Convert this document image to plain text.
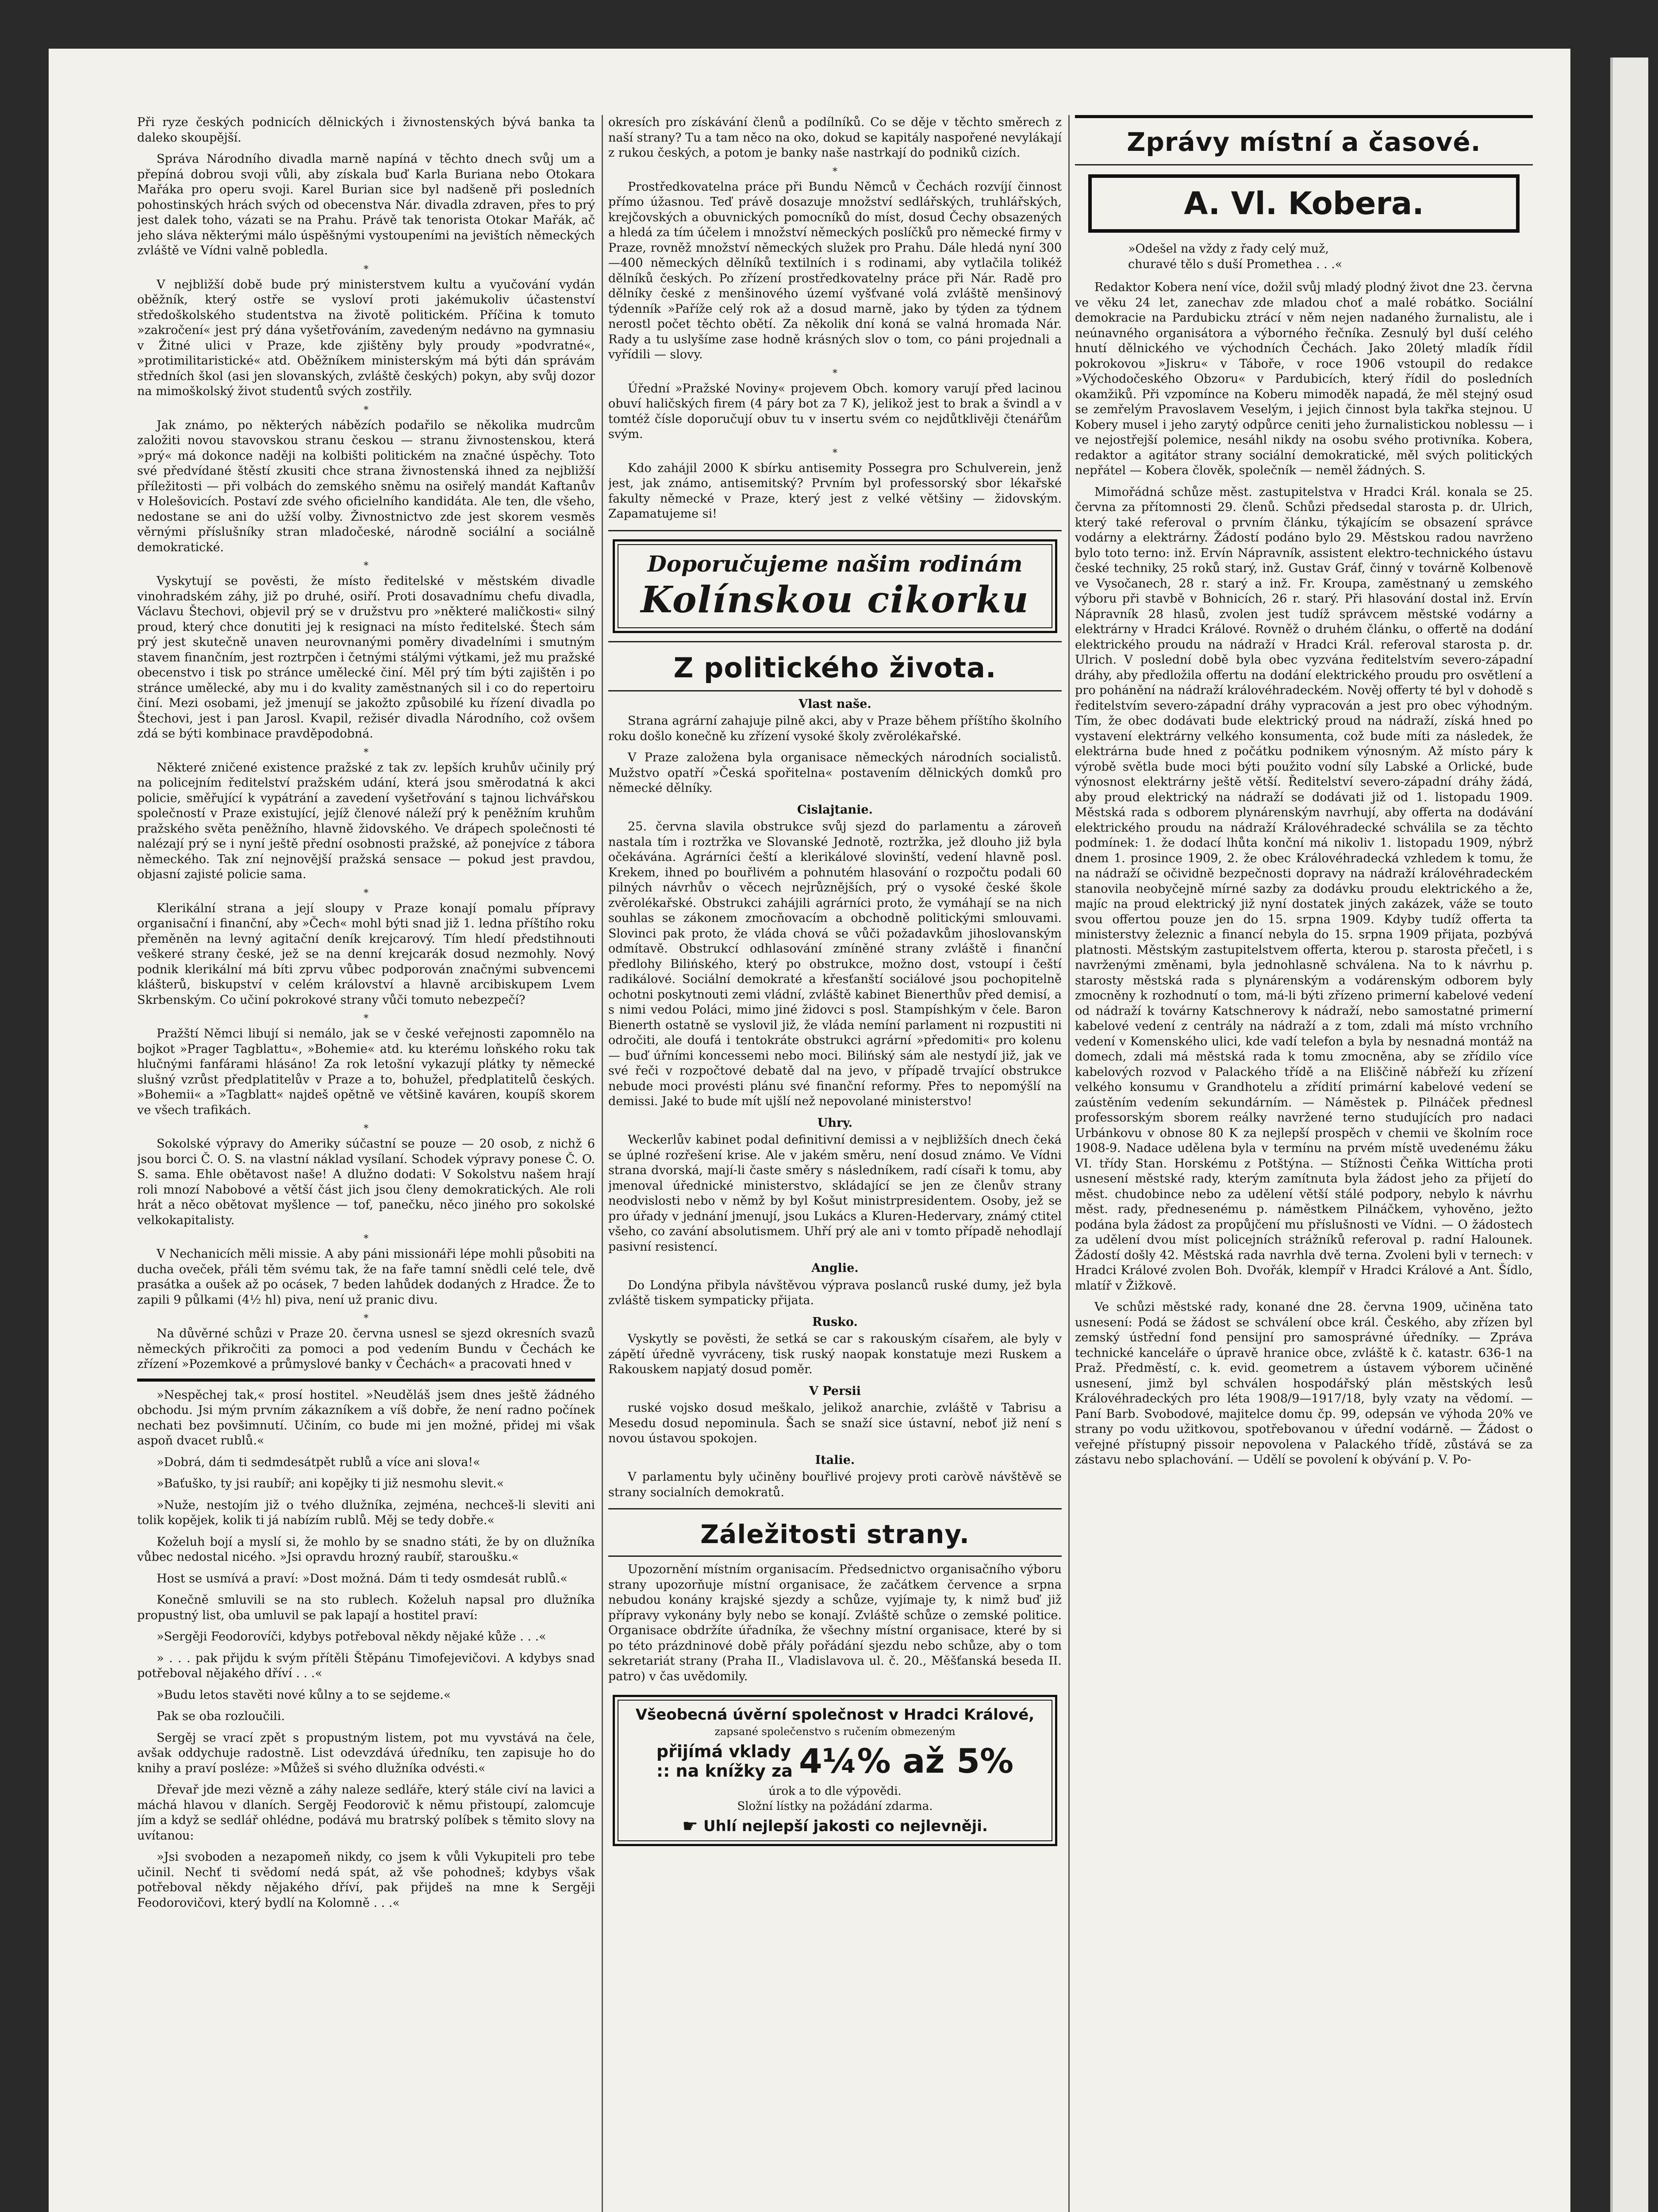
Při ryze českých podnicích dělnických i živnostenských bývá banka ta daleko skoupější.

Správa Národního divadla marně napíná v těchto dnech svůj um a přepíná dobrou svoji vůli, aby získala buď Karla Buriana nebo Otokara Mařáka pro operu svoji. Karel Burian sice byl nadšeně při posledních pohostinských hrách svých od obecenstva Nár. divadla zdraven, přes to prý jest dalek toho, vázati se na Prahu. Právě tak tenorista Otokar Mařák, ač jeho sláva některými málo úspěšnými vystoupeními na jevištích německých zvláště ve Vídni valně pobledla.

*

V nejbližší době bude prý ministerstvem kultu a vyučování vydán oběžník, který ostře se vysloví proti jakémukoliv účastenství středoškolského studentstva na životě politickém. Příčina k tomuto »zakročení« jest prý dána vyšetřováním, zavedeným nedávno na gymnasiu v Žitné ulici v Praze, kde zjištěny byly proudy »podvratné«, »protimilitaristické« atd. Oběžníkem ministerským má býti dán správám středních škol (asi jen slovanských, zvláště českých) pokyn, aby svůj dozor na mimoškolský život studentů svých zostřily.

*

Jak známo, po některých nábězích podařilo se několika mudrcům založiti novou stavovskou stranu českou — stranu živnostenskou, která »prý« má dokonce naději na kolbišti politickém na značné úspěchy. Toto své předvídané štěstí zkusiti chce strana živnostenská ihned za nejbližší příležitosti — při volbách do zemského sněmu na osiřelý mandát Kaftanův v Holešovicích. Postaví zde svého oficielního kandidáta. Ale ten, dle všeho, nedostane se ani do užší volby. Živnostnictvo zde jest skorem vesměs věrnými příslušníky stran mladočeské, národně sociální a sociálně demokratické.

*

Vyskytují se pověsti, že místo ředitelské v městském divadle vinohradském záhy, již po druhé, osiří. Proti dosavadnímu chefu divadla, Václavu Štechovi, objevil prý se v družstvu pro »některé maličkosti« silný proud, který chce donutiti jej k resignaci na místo ředitelské. Štech sám prý jest skutečně unaven neurovnanými poměry divadelními i smutným stavem finančním, jest roztrpčen i četnými stálými výtkami, jež mu pražské obecenstvo i tisk po stránce umělecké činí. Měl prý tím býti zajištěn i po stránce umělecké, aby mu i do kvality zaměstnaných sil i co do repertoiru činí. Mezi osobami, jež jmenují se jakožto způsobilé ku řízení divadla po Štechovi, jest i pan Jarosl. Kvapil, režisér divadla Národního, což ovšem zdá se býti kombinace pravděpodobná.

*

Některé zničené existence pražské z tak zv. lepších kruhův učinily prý na policejním ředitelství pražském udání, která jsou směrodatná k akci policie, směřující k vypátrání a zavedení vyšetřování s tajnou lichvářskou společností v Praze existující, jejíž členové náleží prý k peněžním kruhům pražského světa peněžního, hlavně židovského. Ve drápech společnosti té nalézají prý se i nyní ještě přední osobnosti pražské, až ponejvíce z tábora německého. Tak zní nejnovější pražská sensace — pokud jest pravdou, objasní zajisté policie sama.

*

Klerikální strana a její sloupy v Praze konají pomalu přípravy organisační i finanční, aby »Čech« mohl býti snad již 1. ledna příštího roku přeměněn na levný agitační deník krejcarový. Tím hledí předstihnouti veškeré strany české, jež se na denní krejcarák dosud nezmohly. Nový podnik klerikální má bíti zprvu vůbec podporován značnými subvencemi klášterů, biskupství v celém království a hlavně arcibiskupem Lvem Skrbenským. Co učiní pokrokové strany vůči tomuto nebezpečí?

*

Pražští Němci libují si nemálo, jak se v české veřejnosti zapomnělo na bojkot »Prager Tagblattu«, »Bohemie« atd. ku kterému loňského roku tak hlučnými fanfárami hlásáno! Za rok letošní vykazují plátky ty německé slušný vzrůst předplatitelův v Praze a to, bohužel, předplatitelů českých. »Bohemii« a »Tagblatt« najdeš opětně ve většině kaváren, koupíš skorem ve všech trafikách.

*

Sokolské výpravy do Ameriky súčastní se pouze — 20 osob, z nichž 6 jsou borci Č. O. S. na vlastní náklad vysílaní. Schodek výpravy ponese Č. O. S. sama. Ehle obětavost naše! A dlužno dodati: V Sokolstvu našem hrají roli mnozí Nabobové a větší část jich jsou členy demokratických. Ale roli hrát a něco obětovat myšlence — tof, panečku, něco jiného pro sokolské velkokapitalisty.

*

V Nechanicích měli missie. A aby páni missionáři lépe mohli působiti na ducha oveček, přáli těm svému tak, že na faře tamní snědli celé tele, dvě prasátka a oušek až po ocásek, 7 beden lahůdek dodaných z Hradce. Že to zapili 9 půlkami (4½ hl) piva, není už pranic divu.

*

Na důvěrné schůzi v Praze 20. června usnesl se sjezd okresních svazů německých přikročiti za pomoci a pod vedením Bundu v Čechách ke zřízení »Pozemkové a průmyslové banky v Čechách« a pracovati hned v

»Nespěchej tak,« prosí hostitel. »Neuděláš jsem dnes ještě žádného obchodu. Jsi mým prvním zákazníkem a víš dobře, že není radno počínek nechati bez povšimnutí. Učiním, co bude mi jen možné, přidej mi však aspoň dvacet rublů.«

»Dobrá, dám ti sedmdesátpět rublů a více ani slova!«

»Baťuško, ty jsi raubíř; ani kopějky ti již nesmohu slevit.«

»Nuže, nestojím již o tvého dlužníka, zejména, nechceš-li sleviti ani tolik kopějek, kolik ti já nabízím rublů. Měj se tedy dobře.«

Koželuh bojí a myslí si, že mohlo by se snadno státi, že by on dlužníka vůbec nedostal nicého. »Jsi opravdu hrozný raubíř, staroušku.«

Host se usmívá a praví: »Dost možná. Dám ti tedy osmdesát rublů.«

Konečně smluvili se na sto rublech. Koželuh napsal pro dlužníka propustný list, oba umluvil se pak lapají a hostitel praví:

»Sergěji Feodorovíči, kdybys potřeboval někdy nějaké kůže . . .«

» . . . pak přijdu k svým přítěli Štěpánu Timofejevičovi. A kdybys snad potřeboval nějakého dříví . . .«

»Budu letos stavěti nové kůlny a to se sejdeme.«

Pak se oba rozloučili.

Sergěj se vrací zpět s propustným listem, pot mu vyvstává na čele, avšak oddychuje radostně. List odevzdává úředníku, ten zapisuje ho do knihy a praví posléze: »Můžeš si svého dlužníka odvésti.«

Dřevař jde mezi vězně a záhy naleze sedláře, který stále civí na lavici a máchá hlavou v dlaních. Sergěj Feodorovič k němu přistoupí, zalomcuje jím a když se sedlář ohlédne, podává mu bratrský políbek s těmito slovy na uvítanou:

»Jsi svoboden a nezapomeň nikdy, co jsem k vůli Vykupiteli pro tebe učinil. Nechť ti svědomí nedá spát, až vše pohodneš; kdybys však potřeboval někdy nějakého dříví, pak přijdeš na mne k Sergěji Feodorovičovi, který bydlí na Kolomně . . .«

okresích pro získávání členů a podílníků. Co se děje v těchto směrech z naší strany? Tu a tam něco na oko, dokud se kapitály naspořené nevylákají z rukou českých, a potom je banky naše nastrkají do podniků cizích.

*

Prostředkovatelna práce při Bundu Němců v Čechách rozvíjí činnost přímo úžasnou. Teď právě dosazuje množství sedlářských, truhlářských, krejčovských a obuvnických pomocníků do míst, dosud Čechy obsazených a hledá za tím účelem i množství německých poslíčků pro německé firmy v Praze, rovněž množství německých služek pro Prahu. Dále hledá nyní 300—400 německých dělníků textilních i s rodinami, aby vytlačila tolikéž dělníků českých. Po zřízení prostředkovatelny práce při Nár. Radě pro dělníky české z menšinového území vyšťvané volá zvláště menšinový týdenník »Paříže celý rok až a dosud marně, jako by týden za týdnem nerostl počet těchto obětí. Za několik dní koná se valná hromada Nár. Rady a tu uslyšíme zase hodně krásných slov o tom, co páni projednali a vyřídili — slovy.

*

Úřední »Pražské Noviny« projevem Obch. komory varují před lacinou obuví haličských firem (4 páry bot za 7 K), jelikož jest to brak a švindl a v tomtéž čísle doporučují obuv tu v insertu svém co nejdůtklivěji čtenářům svým.

*

Kdo zahájil 2000 K sbírku antisemity Possegra pro Schulverein, jenž jest, jak známo, antisemitský? Prvním byl professorský sbor lékařské fakulty německé v Praze, který jest z velké většiny — židovským. Zapamatujeme si!

Doporučujeme našim rodinám
Kolínskou cikorku
Z politického života.
Vlast naše.

Strana agrární zahajuje pilně akci, aby v Praze během příštího školního roku došlo konečně ku zřízení vysoké školy zvěrolékařské.

V Praze založena byla organisace německých národních socialistů. Mužstvo opatří »Česká spořitelna« postavením dělnických domků pro německé dělníky.

Cislajtanie.

25. června slavila obstrukce svůj sjezd do parlamentu a zároveň nastala tím i roztržka ve Slovanské Jednotě, roztržka, jež dlouho již byla očekávána. Agrárníci čeští a klerikálové slovinští, vedení hlavně posl. Krekem, ihned po bouřlivém a pohnutém hlasování o rozpočtu podali 60 pilných návrhův o věcech nejrůznějších, prý o vysoké české škole zvěrolékařské. Obstrukci zahájili agrárníci proto, že vymáhají se na nich souhlas se zákonem zmocňovacím a obchodně politickými smlouvami. Slovinci pak proto, že vláda chová se vůči požadavkům jihoslovanským odmítavě. Obstrukcí odhlasování zmíněné strany zvláště i finanční předlohy Bilińského, který po obstrukce, možno dost, vstoupí i čeští radikálové. Sociální demokraté a křesťanští sociálové jsou pochopitelně ochotni poskytnouti zemi vládní, zvláště kabinet Bienerthův před demisí, a s nimi vedou Poláci, mimo jiné židovci s posl. Stampíshkým v čele. Baron Bienerth ostatně se vyslovil již, že vláda nemíní parlament ni rozpustiti ni odročiti, ale doufá i tentokráte obstrukci agrární »předomiti« pro kolenu — buď úřními koncessemi nebo moci. Bilińský sám ale nestydí již, jak ve své řeči v rozpočtové debatě dal na jevo, v případě trvající obstrukce nebude moci provésti plánu své finanční reformy. Přes to nepomýšlí na demissi. Jaké to bude mít ujšlí než nepovolané ministerstvo!

Uhry.

Weckerlův kabinet podal definitivní demissi a v nejbližších dnech čeká se úplné rozřešení krise. Ale v jakém směru, není dosud známo. Ve Vídni strana dvorská, mají-li časte směry s následníkem, radí císaři k tomu, aby jmenoval úřednické ministerstvo, skládající se jen ze členův strany neodvislosti nebo v němž by byl Košut ministrpresidentem. Osoby, jež se pro úřady v jednání jmenují, jsou Lukács a Kluren-Hedervary, známý ctitel všeho, co zavání absolutismem. Uhří prý ale ani v tomto případě nehodlají pasivní resistencí.

Anglie.

Do Londýna přibyla návštěvou výprava poslanců ruské dumy, jež byla zvláště tiskem sympaticky přijata.

Rusko.

Vyskytly se pověsti, že setká se car s rakouským císařem, ale byly v zápětí úředně vyvráceny, tisk ruský naopak konstatuje mezi Ruskem a Rakouskem napjatý dosud poměr.

V Persii

ruské vojsko dosud meškalo, jelikož anarchie, zvláště v Tabrisu a Mesedu dosud nepominula. Šach se snaží sice ústavní, neboť již není s novou ústavou spokojen.

Italie.

V parlamentu byly učiněny bouřlivé projevy proti caròvě návštěvě se strany socialních demokratů.

Záležitosti strany.

Upozornění místním organisacím. Předsednictvo organisačního výboru strany upozorňuje místní organisace, že začátkem července a srpna nebudou konány krajské sjezdy a schůze, vyjímaje ty, k nimž buď již přípravy vykonány byly nebo se konají. Zvláště schůze o zemské politice. Organisace obdržíte úřadníka, že všechny místní organisace, které by si po této prázdninové době přály pořádání sjezdu nebo schůze, aby o tom sekretariát strany (Praha II., Vladislavova ul. č. 20., Měšťanská beseda II. patro) v čas uvědomily.

Všeobecná úvěrní společnost v Hradci Králové,
zapsané společenstvo s ručením obmezeným
přijímá vklady
:: na knížky za 4¼% až 5%
úrok a to dle výpovědi.
Složní lístky na požádání zdarma.
☛ Uhlí nejlepší jakosti co nejlevněji.
Zprávy místní a časové.
A. Vl. Kobera.

»Odešel na vždy z řady celý muž,

churavé tělo s duší Promethea . . .«

Redaktor Kobera není více, dožil svůj mladý plodný život dne 23. června ve věku 24 let, zanechav zde mladou choť a malé robátko. Sociální demokracie na Pardubicku ztrácí v něm nejen nadaného žurnalistu, ale i neúnavného organisátora a výborného řečníka. Zesnulý byl duší celého hnutí dělnického ve východních Čechách. Jako 20letý mladík řídil pokrokovou »Jiskru« v Táboře, v roce 1906 vstoupil do redakce »Východočeského Obzoru« v Pardubicích, který řídil do posledních okamžiků. Při vzpomínce na Koberu mimoděk napadá, že měl stejný osud se zemřelým Pravoslavem Veselým, i jejich činnost byla takřka stejnou. U Kobery musel i jeho zarytý odpůrce ceniti jeho žurnalistickou noblessu — i ve nejostřejší polemice, nesáhl nikdy na osobu svého protivníka. Kobera, redaktor a agitátor strany sociální demokratické, měl svých politických nepřátel — Kobera člověk, společník — neměl žádných. S.

Mimořádná schůze měst. zastupitelstva v Hradci Král. konala se 25. června za přítomnosti 29. členů. Schůzi předsedal starosta p. dr. Ulrich, který také referoval o prvním článku, týkajícím se obsazení správce vodárny a elektrárny. Žádostí podáno bylo 29. Městskou radou navrženo bylo toto terno: inž. Ervín Nápravník, assistent elektro-technického ústavu české techniky, 25 roků starý, inž. Gustav Gráf, činný v továrně Kolbenově ve Vysočanech, 28 r. starý a inž. Fr. Kroupa, zaměstnaný u zemského výboru při stavbě v Bohnicích, 26 r. starý. Při hlasování dostal inž. Ervín Nápravník 28 hlasů, zvolen jest tudíž správcem městské vodárny a elektrárny v Hradci Králové. Rovněž o druhém článku, o offertě na dodání elektrického proudu na nádraží v Hradci Král. referoval starosta p. dr. Ulrich. V poslední době byla obec vyzvána ředitelstvím severo-západní dráhy, aby předložila offertu na dodání elektrického proudu pro osvětlení a pro pohánění na nádraží královéhradeckém. Nověj offerty té byl v dohodě s ředitelstvím severo-západní dráhy vypracován a jest pro obec výhodným. Tím, že obec dodávati bude elektrický proud na nádraží, získá hned po vystavení elektrárny velkého konsumenta, což bude míti za následek, že elektrárna bude hned z počátku podnikem výnosným. Až místo páry k výrobě světla bude moci býti použito vodní síly Labské a Orlické, bude výnosnost elektrárny ještě větší. Ředitelství severo-západní dráhy žádá, aby proud elektrický na nádraží se dodávati již od 1. listopadu 1909. Městská rada s odborem plynárenským navrhují, aby offerta na dodávání elektrického proudu na nádraží Královéhradecké schválila se za těchto podmínek: 1. že dodací lhůta konční má nikoliv 1. listopadu 1909, nýbrž dnem 1. prosince 1909, 2. že obec Královéhradecká vzhledem k tomu, že na nádraží se očividně bezpečnosti dopravy na nádraží královéhradeckém stanovila neobyčejně mírné sazby za dodávku proudu elektrického a že, majíc na proud elektrický již nyní dostatek jiných zakázek, váže se touto svou offertou pouze jen do 15. srpna 1909. Kdyby tudíž offerta ta ministerstvy železnic a financí nebyla do 15. srpna 1909 přijata, pozbývá platnosti. Městským zastupitelstvem offerta, kterou p. starosta přečetl, i s navrženými změnami, byla jednohlasně schválena. Na to k návrhu p. starosty městská rada s plynárenským a vodárenským odborem byly zmocněny k rozhodnutí o tom, má-li býti zřízeno primerní kabelové vedení od nádraží k továrny Katschnerovy k nádraží, nebo samostatné primerní kabelové vedení z centrály na nádraží a z tom, zdali má místo vrchního vedení v Komenského ulici, kde vadí telefon a byla by nesnadná montáž na domech, zdali má městská rada k tomu zmocněna, aby se zřídilo více kabelových rozvod v Palackého třídě a na Eliščině nábřeží ku zřízení velkého konsumu v Grandhotelu a zřídití primární kabelové vedení se zaústěním vedením sekundárním. — Náměstek p. Pilnáček přednesl professorským sborem reálky navržené terno studujících pro nadaci Urbánkovu v obnose 80 K za nejlepší prospěch v chemii ve školním roce 1908-9. Nadace udělena byla v termínu na prvém místě uvedenému žáku VI. třídy Stan. Horskému z Potštýna. — Stížnosti Čeňka Wittícha proti usnesení městské rady, kterým zamítnuta byla žádost jeho za přijetí do měst. chudobince nebo za udělení větší stálé podpory, nebylo k návrhu měst. rady, přednesenému p. náměstkem Pilnáčkem, vyhověno, ježto podána byla žádost za propůjčení mu příslušnosti ve Vídni. — O žádostech za udělení dvou míst policejních strážníků referoval p. radní Halounek. Žádostí došly 42. Městská rada navrhla dvě terna. Zvoleni byli v ternech: v Hradci Králové zvolen Boh. Dvořák, klempíř v Hradci Králové a Ant. Šídlo, mlatíř v Žižkově.

Ve schůzi městské rady, konané dne 28. června 1909, učiněna tato usnesení: Podá se žádost se schválení obce král. Českého, aby zřízen byl zemský ústřední fond pensijní pro samosprávné úředníky. — Zpráva technické kanceláře o úpravě hranice obce, zvláště k č. katastr. 636-1 na Praž. Předměstí, c. k. evid. geometrem a ústavem výborem učiněné usnesení, jimž byl schválen hospodářský plán městských lesů Královéhradeckých pro léta 1908/9—1917/18, byly vzaty na vědomí. — Paní Barb. Svobodové, majitelce domu čp. 99, odepsán ve výhoda 20% ve strany po vodu užitkovou, spotřebovanou v úřední vodárně. — Žádost o veřejné přístupný pissoir nepovolena v Palackého třídě, zůstává se za zástavu nebo splachování. — Udělí se povolení k obývání p. V. Po-
